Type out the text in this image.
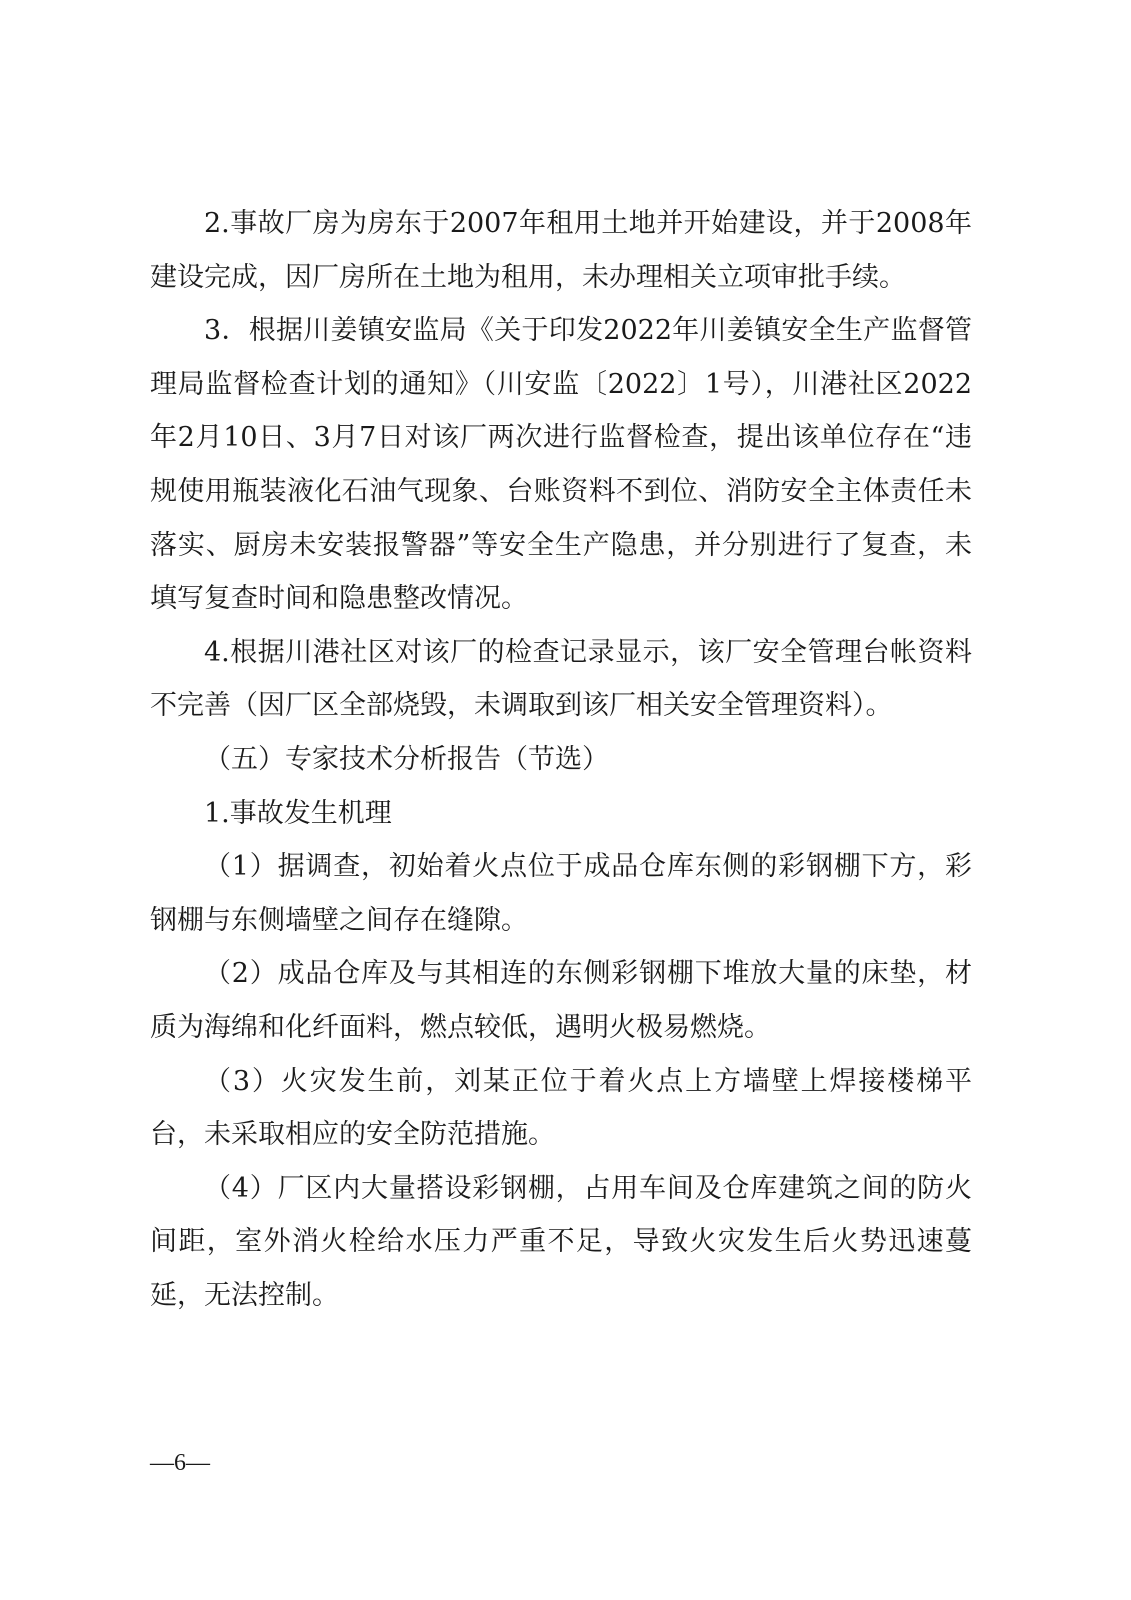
2.事故厂房为房东于2007年租用土地并开始建设，并于2008年建设完成，因厂房所在土地为租用，未办理相关立项审批手续。

3．根据川姜镇安监局《关于印发2022年川姜镇安全生产监督管理局监督检查计划的通知》（川安监〔2022〕1号），川港社区2022年2月10日、3月7日对该厂两次进行监督检查，提出该单位存在“违规使用瓶装液化石油气现象、台账资料不到位、消防安全主体责任未落实、厨房未安装报警器”等安全生产隐患，并分别进行了复查，未填写复查时间和隐患整改情况。

4.根据川港社区对该厂的检查记录显示，该厂安全管理台帐资料不完善（因厂区全部烧毁，未调取到该厂相关安全管理资料）。

（五）专家技术分析报告（节选）

1.事故发生机理

（1）据调查，初始着火点位于成品仓库东侧的彩钢棚下方，彩钢棚与东侧墙壁之间存在缝隙。

（2）成品仓库及与其相连的东侧彩钢棚下堆放大量的床垫，材质为海绵和化纤面料，燃点较低，遇明火极易燃烧。

（3）火灾发生前，刘某正位于着火点上方墙壁上焊接楼梯平台，未采取相应的安全防范措施。

（4）厂区内大量搭设彩钢棚，占用车间及仓库建筑之间的防火间距，室外消火栓给水压力严重不足，导致火灾发生后火势迅速蔓延，无法控制。

—6—
